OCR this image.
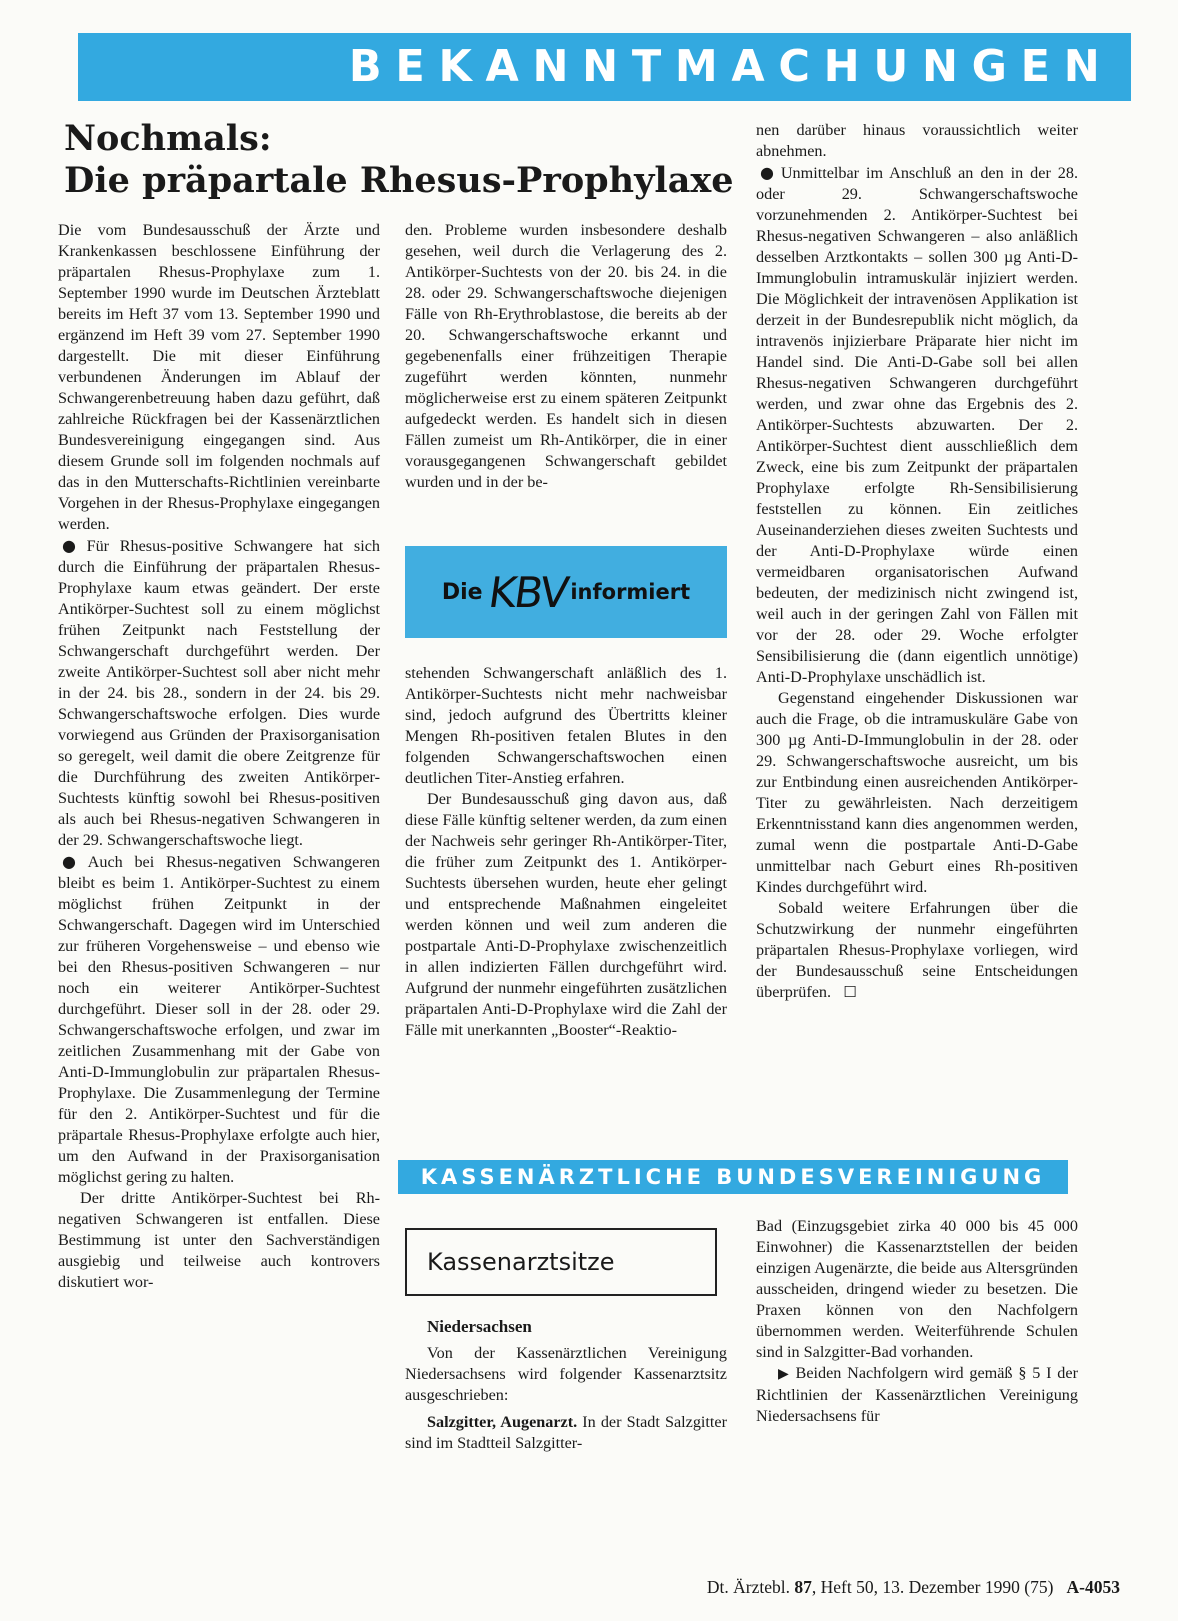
BEKANNTMACHUNGEN
Nochmals:
Die präpartale Rhesus-Prophylaxe

Die vom Bundesausschuß der Ärzte und Krankenkassen beschlossene Einführung der präpartalen Rhesus-Prophylaxe zum 1. September 1990 wurde im Deutschen Ärzteblatt bereits im Heft 37 vom 13. September 1990 und ergänzend im Heft 39 vom 27. September 1990 dargestellt. Die mit dieser Einführung verbundenen Änderungen im Ablauf der Schwangerenbetreuung haben dazu geführt, daß zahlreiche Rückfragen bei der Kassenärztlichen Bundesvereinigung eingegangen sind. Aus diesem Grunde soll im folgenden nochmals auf das in den Mutterschafts-Richtlinien vereinbarte Vorgehen in der Rhesus-Prophylaxe eingegangen werden.

● Für Rhesus-positive Schwangere hat sich durch die Einführung der präpartalen Rhesus-Prophylaxe kaum etwas geändert. Der erste Antikörper-Suchtest soll zu einem möglichst frühen Zeitpunkt nach Feststellung der Schwangerschaft durchgeführt werden. Der zweite Antikörper-Suchtest soll aber nicht mehr in der 24. bis 28., sondern in der 24. bis 29. Schwangerschaftswoche erfolgen. Dies wurde vorwiegend aus Gründen der Praxisorganisation so geregelt, weil damit die obere Zeitgrenze für die Durchführung des zweiten Antikörper-Suchtests künftig sowohl bei Rhesus-positiven als auch bei Rhesus-negativen Schwangeren in der 29. Schwangerschaftswoche liegt.

● Auch bei Rhesus-negativen Schwangeren bleibt es beim 1. Antikörper-Suchtest zu einem möglichst frühen Zeitpunkt in der Schwangerschaft. Dagegen wird im Unterschied zur früheren Vorgehensweise – und ebenso wie bei den Rhesus-positiven Schwangeren – nur noch ein weiterer Antikörper-Suchtest durchgeführt. Dieser soll in der 28. oder 29. Schwangerschaftswoche erfolgen, und zwar im zeitlichen Zusammenhang mit der Gabe von Anti-D-Immunglobulin zur präpartalen Rhesus-Prophylaxe. Die Zusammenlegung der Termine für den 2. Antikörper-Suchtest und für die präpartale Rhesus-Prophylaxe erfolgte auch hier, um den Aufwand in der Praxisorganisation möglichst gering zu halten.

Der dritte Antikörper-Suchtest bei Rh-negativen Schwangeren ist entfallen. Diese Bestimmung ist unter den Sachverständigen ausgiebig und teilweise auch kontrovers diskutiert wor-

den. Probleme wurden insbesondere deshalb gesehen, weil durch die Verlagerung des 2. Antikörper-Suchtests von der 20. bis 24. in die 28. oder 29. Schwangerschaftswoche diejenigen Fälle von Rh-Erythroblastose, die bereits ab der 20. Schwangerschaftswoche erkannt und gegebenenfalls einer frühzeitigen Therapie zugeführt werden könnten, nunmehr möglicherweise erst zu einem späteren Zeitpunkt aufgedeckt werden. Es handelt sich in diesen Fällen zumeist um Rh-Antikörper, die in einer vorausgegangenen Schwangerschaft gebildet wurden und in der be-

Die KBV informiert

stehenden Schwangerschaft anläßlich des 1. Antikörper-Suchtests nicht mehr nachweisbar sind, jedoch aufgrund des Übertritts kleiner Mengen Rh-positiven fetalen Blutes in den folgenden Schwangerschaftswochen einen deutlichen Titer-Anstieg erfahren.

Der Bundesausschuß ging davon aus, daß diese Fälle künftig seltener werden, da zum einen der Nachweis sehr geringer Rh-Antikörper-Titer, die früher zum Zeitpunkt des 1. Antikörper-Suchtests übersehen wurden, heute eher gelingt und entsprechende Maßnahmen eingeleitet werden können und weil zum anderen die postpartale Anti-D-Prophylaxe zwischenzeitlich in allen indizierten Fällen durchgeführt wird. Aufgrund der nunmehr eingeführten zusätzlichen präpartalen Anti-D-Prophylaxe wird die Zahl der Fälle mit unerkannten „Booster“-Reaktio-

nen darüber hinaus voraussichtlich weiter abnehmen.

● Unmittelbar im Anschluß an den in der 28. oder 29. Schwangerschaftswoche vorzunehmenden 2. Antikörper-Suchtest bei Rhesus-negativen Schwangeren – also anläßlich desselben Arztkontakts – sollen 300 µg Anti-D-Immunglobulin intramuskulär injiziert werden. Die Möglichkeit der intravenösen Applikation ist derzeit in der Bundesrepublik nicht möglich, da intravenös injizierbare Präparate hier nicht im Handel sind. Die Anti-D-Gabe soll bei allen Rhesus-negativen Schwangeren durchgeführt werden, und zwar ohne das Ergebnis des 2. Antikörper-Suchtests abzuwarten. Der 2. Antikörper-Suchtest dient ausschließlich dem Zweck, eine bis zum Zeitpunkt der präpartalen Prophylaxe erfolgte Rh-Sensibilisierung feststellen zu können. Ein zeitliches Auseinanderziehen dieses zweiten Suchtests und der Anti-D-Prophylaxe würde einen vermeidbaren organisatorischen Aufwand bedeuten, der medizinisch nicht zwingend ist, weil auch in der geringen Zahl von Fällen mit vor der 28. oder 29. Woche erfolgter Sensibilisierung die (dann eigentlich unnötige) Anti-D-Prophylaxe unschädlich ist.

Gegenstand eingehender Diskussionen war auch die Frage, ob die intramuskuläre Gabe von 300 µg Anti-D-Immunglobulin in der 28. oder 29. Schwangerschaftswoche ausreicht, um bis zur Entbindung einen ausreichenden Antikörper-Titer zu gewährleisten. Nach derzeitigem Erkenntnisstand kann dies angenommen werden, zumal wenn die postpartale Anti-D-Gabe unmittelbar nach Geburt eines Rh-positiven Kindes durchgeführt wird.

Sobald weitere Erfahrungen über die Schutzwirkung der nunmehr eingeführten präpartalen Rhesus-Prophylaxe vorliegen, wird der Bundesausschuß seine Entscheidungen überprüfen. ☐

KASSENÄRZTLICHE BUNDESVEREINIGUNG
Kassenarztsitze
Niedersachsen

Von der Kassenärztlichen Vereinigung Niedersachsens wird folgender Kassenarztsitz ausgeschrieben:

Salzgitter, Augenarzt. In der Stadt Salzgitter sind im Stadtteil Salzgitter-

Bad (Einzugsgebiet zirka 40 000 bis 45 000 Einwohner) die Kassenarztstellen der beiden einzigen Augenärzte, die beide aus Altersgründen ausscheiden, dringend wieder zu besetzen. Die Praxen können von den Nachfolgern übernommen werden. Weiterführende Schulen sind in Salzgitter-Bad vorhanden.

▶ Beiden Nachfolgern wird gemäß § 5 I der Richtlinien der Kassenärztlichen Vereinigung Niedersachsens für

Dt. Ärztebl. 87, Heft 50, 13. Dezember 1990 (75) A-4053
